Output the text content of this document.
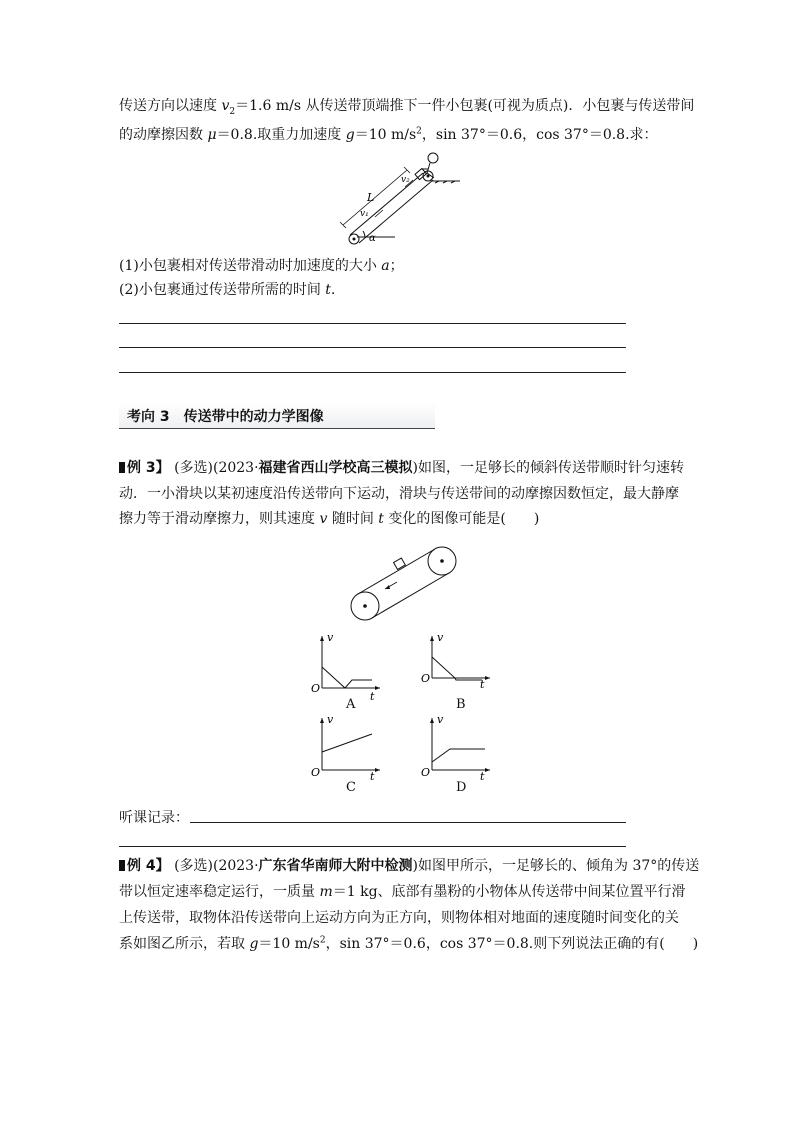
传送方向以速度 $v_2=1.6$ m/s 从传送带顶端推下一件小包裹(可视为质点)．小包裹与传送带间
的动摩擦因数 μ＝0.8.取重力加速度 g＝10 $m/s^2$，sin 37°＝0.6，cos 37°＝0.8.求：
L
v₁
v₂
α
(1)小包裹相对传送带滑动时加速度的大小 a；
(2)小包裹通过传送带所需的时间 t.
考向 3　传送带中的动力学图像
例 3】 (多选)(2023·福建省西山学校高三模拟)如图，一足够长的倾斜传送带顺时针匀速转
动．一小滑块以某初速度沿传送带向下运动，滑块与传送带间的动摩擦因数恒定，最大静摩
擦力等于滑动摩擦力，则其速度 v 随时间 t 变化的图像可能是(　　)
v
t
O
A
v
t
O
B
v
t
O
C
v
t
O
D
听课记录：
例 4】 (多选)(2023·广东省华南师大附中检测)如图甲所示，一足够长的、倾角为 37°的传送
带以恒定速率稳定运行，一质量 m＝1 kg、底部有墨粉的小物体从传送带中间某位置平行滑
上传送带，取物体沿传送带向上运动方向为正方向，则物体相对地面的速度随时间变化的关
系如图乙所示，若取 g＝10 $m/s^2$，sin 37°＝0.6，cos 37°＝0.8.则下列说法正确的有(　　)
